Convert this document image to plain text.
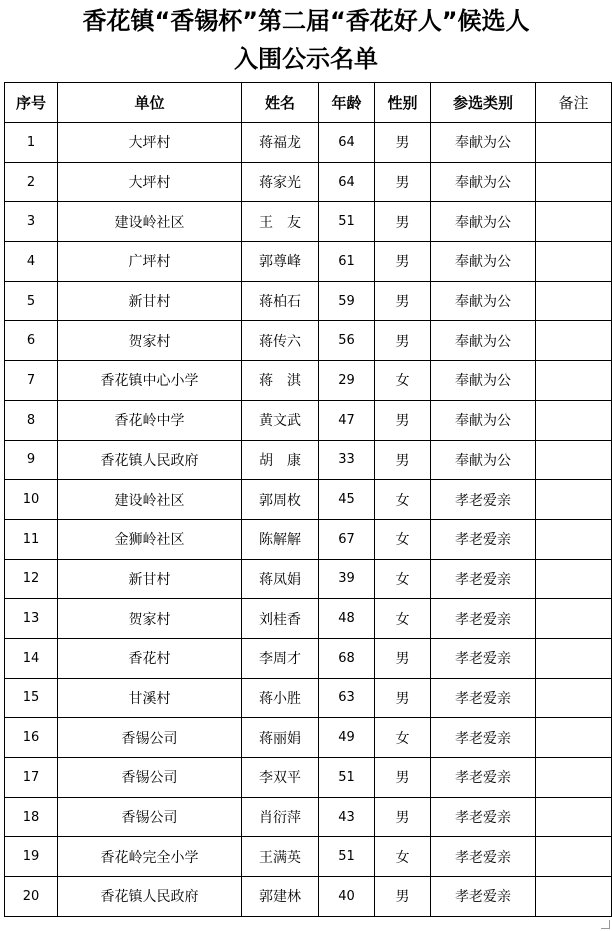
香花镇“香锡杯”第二届“香花好人”候选人
入围公示名单
序号	单位	姓名	年龄	性别	参选类别	备注
1	大坪村	蒋福龙	64	男	奉献为公	
2	大坪村	蒋家光	64	男	奉献为公	
3	建设岭社区	王　友	51	男	奉献为公	
4	广坪村	郭尊峰	61	男	奉献为公	
5	新甘村	蒋柏石	59	男	奉献为公	
6	贺家村	蒋传六	56	男	奉献为公	
7	香花镇中心小学	蒋　淇	29	女	奉献为公	
8	香花岭中学	黄文武	47	男	奉献为公	
9	香花镇人民政府	胡　康	33	男	奉献为公	
10	建设岭社区	郭周枚	45	女	孝老爱亲	
11	金狮岭社区	陈解解	67	女	孝老爱亲	
12	新甘村	蒋凤娟	39	女	孝老爱亲	
13	贺家村	刘桂香	48	女	孝老爱亲	
14	香花村	李周才	68	男	孝老爱亲	
15	甘溪村	蒋小胜	63	男	孝老爱亲	
16	香锡公司	蒋丽娟	49	女	孝老爱亲	
17	香锡公司	李双平	51	男	孝老爱亲	
18	香锡公司	肖衍萍	43	男	孝老爱亲	
19	香花岭完全小学	王满英	51	女	孝老爱亲	
20	香花镇人民政府	郭建林	40	男	孝老爱亲	
